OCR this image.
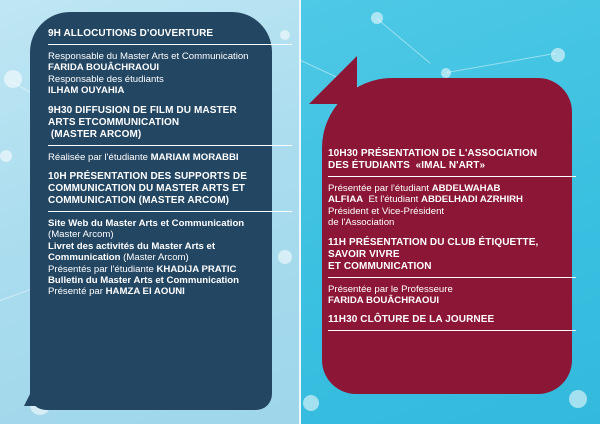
9H ALLOCUTIONS D'OUVERTURE
Responsable du Master Arts et Communication
FARIDA BOUÂCHRAOUI
Responsable des étudiants
ILHAM OUYAHIA
9H30 DIFFUSION DE FILM DU MASTER
ARTS ETCOMMUNICATION
(MASTER ARCOM)
Réalisée par l'étudiante MARIAM MORABBI
10H PRÉSENTATION DES SUPPORTS DE
COMMUNICATION DU MASTER ARTS ET
COMMUNICATION (MASTER ARCOM)
Site Web du Master Arts et Communication
(Master Arcom)
Livret des activités du Master Arts et
Communication (Master Arcom)
Présentés par l'étudiante KHADIJA PRATIC
Bulletin du Master Arts et Communication
Présenté par HAMZA EI AOUNI
10H30 PRÉSENTATION DE L'ASSOCIATION
DES ÉTUDIANTS  «IMAL N'ART»
Présentée par l'étudiant ABDELWAHAB
ALFIAA  Et l'étudiant ABDELHADI AZRHIRH
Président et Vice-Président
de l'Association
11H PRÉSENTATION DU CLUB ÉTIQUETTE,
SAVOIR VIVRE
ET COMMUNICATION
Présentée par le Professeure
FARIDA BOUÂCHRAOUI
11H30 CLÔTURE DE LA JOURNEE
